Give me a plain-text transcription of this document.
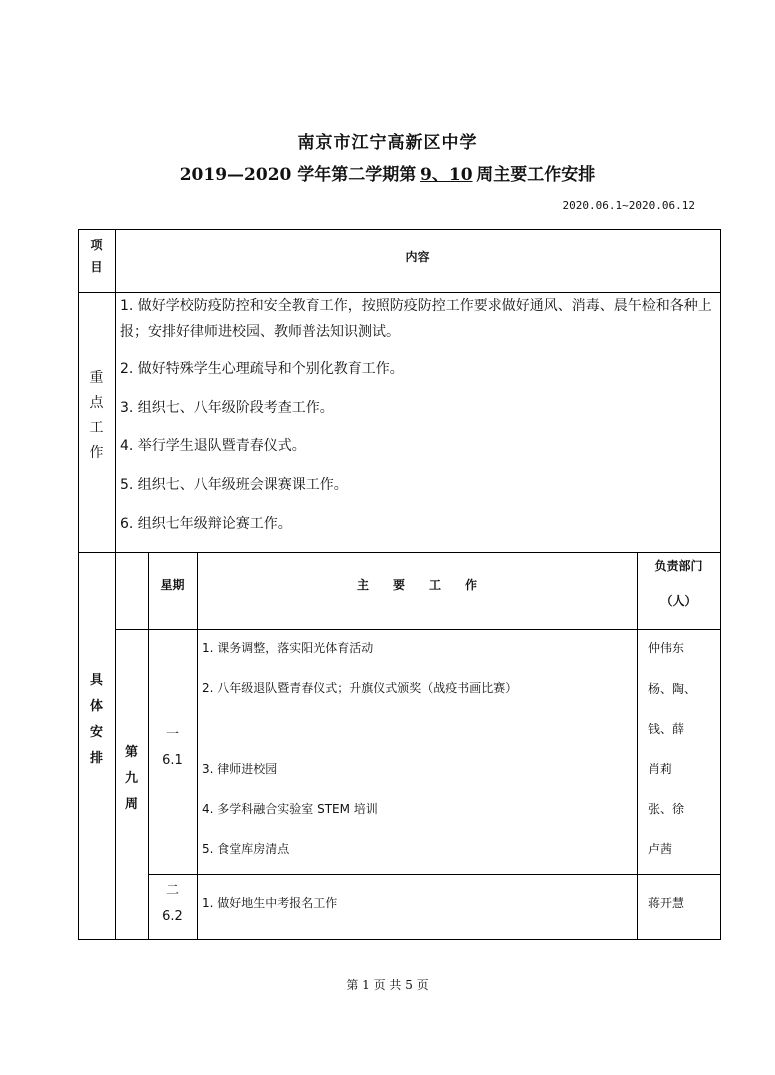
南京市江宁高新区中学
2019—2020 学年第二学期第 9、10 周主要工作安排
2020.06.1~2020.06.12
项
目
内容
重
点
工
作
1. 做好学校防疫防控和安全教育工作，按照防疫防控工作要求做好通风、消毒、晨午检和各种上报；安排好律师进校园、教师普法知识测试。
2. 做好特殊学生心理疏导和个别化教育工作。
3. 组织七、八年级阶段考查工作。
4. 举行学生退队暨青春仪式。
5. 组织七、八年级班会课赛课工作。
6. 组织七年级辩论赛工作。
具
体
安
排
星期	主　　要　　工　　作
负责部门
（人）
第
九
周
一
6.1
1. 课务调整，落实阳光体育活动
2. 八年级退队暨青春仪式；升旗仪式颁奖（战疫书画比赛）
3. 律师进校园
4. 多学科融合实验室 STEM 培训
5. 食堂库房清点
仲伟东
杨、陶、
钱、薛
肖莉
张、徐
卢茜
二
6.2
1. 做好地生中考报名工作	蒋开慧
第 1 页 共 5 页
